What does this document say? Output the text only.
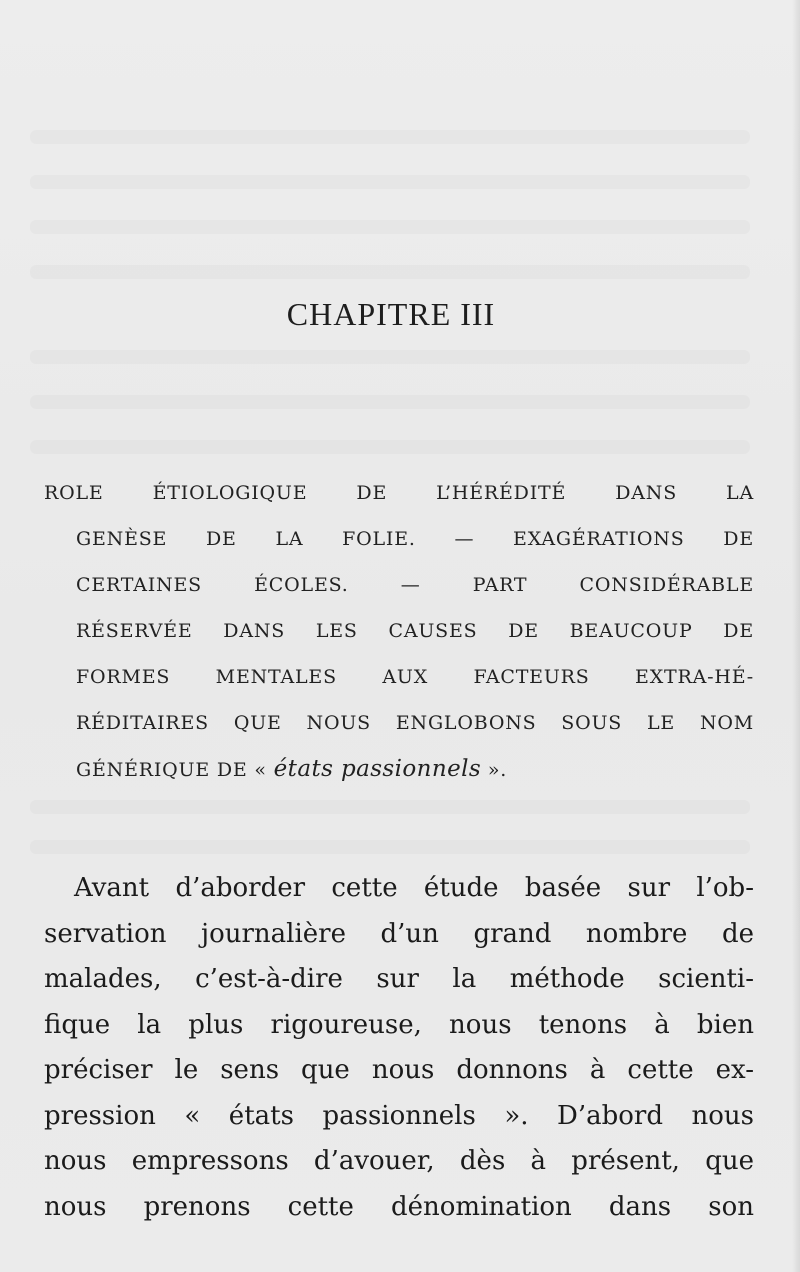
CHAPITRE III
ROLE ÉTIOLOGIQUE DE L’HÉRÉDITÉ DANS LA
GENÈSE DE LA FOLIE. — EXAGÉRATIONS DE
CERTAINES ÉCOLES. — PART CONSIDÉRABLE
RÉSERVÉE DANS LES CAUSES DE BEAUCOUP DE
FORMES MENTALES AUX FACTEURS EXTRA-HÉ-
RÉDITAIRES QUE NOUS ENGLOBONS SOUS LE NOM
GÉNÉRIQUE DE « états passionnels ».
Avant d’aborder cette étude basée sur l’ob-
servation journalière d’un grand nombre de
malades, c’est-à-dire sur la méthode scienti-
fique la plus rigoureuse, nous tenons à bien
préciser le sens que nous donnons à cette ex-
pression « états passionnels ». D’abord nous
nous empressons d’avouer, dès à présent, que
nous prenons cette dénomination dans son
